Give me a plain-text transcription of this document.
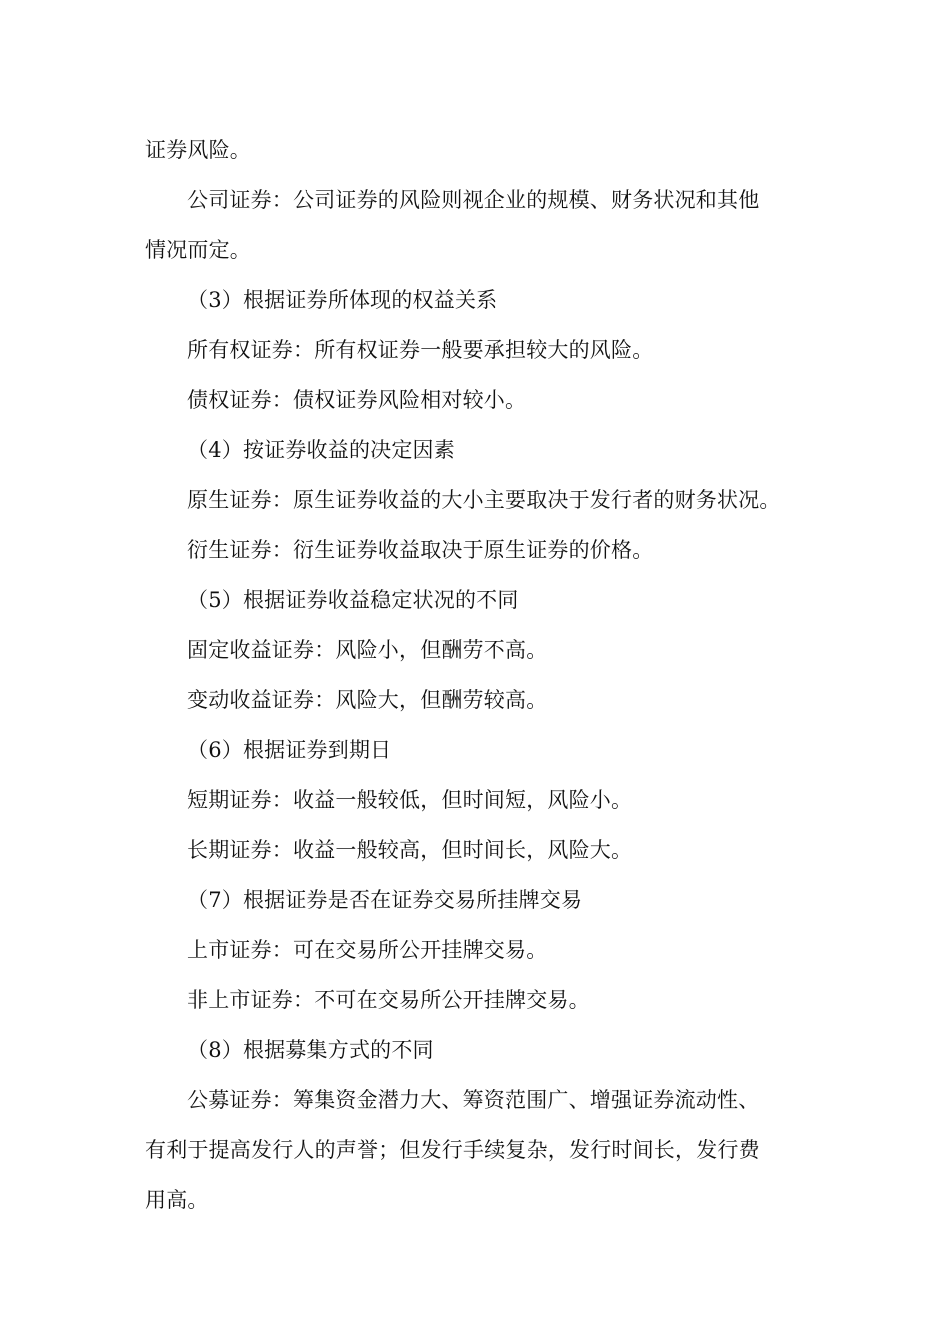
证券风险。
公司证券：公司证券的风险则视企业的规模、财务状况和其他
情况而定。
（3）根据证券所体现的权益关系
所有权证券：所有权证券一般要承担较大的风险。
债权证券：债权证券风险相对较小。
（4）按证券收益的决定因素
原生证券：原生证券收益的大小主要取决于发行者的财务状况。
衍生证券：衍生证券收益取决于原生证券的价格。
（5）根据证券收益稳定状况的不同
固定收益证券：风险小，但酬劳不高。
变动收益证券：风险大，但酬劳较高。
（6）根据证券到期日
短期证券：收益一般较低，但时间短，风险小。
长期证券：收益一般较高，但时间长，风险大。
（7）根据证券是否在证券交易所挂牌交易
上市证券：可在交易所公开挂牌交易。
非上市证券：不可在交易所公开挂牌交易。
（8）根据募集方式的不同
公募证券：筹集资金潜力大、筹资范围广、增强证券流动性、
有利于提高发行人的声誉；但发行手续复杂，发行时间长，发行费
用高。
